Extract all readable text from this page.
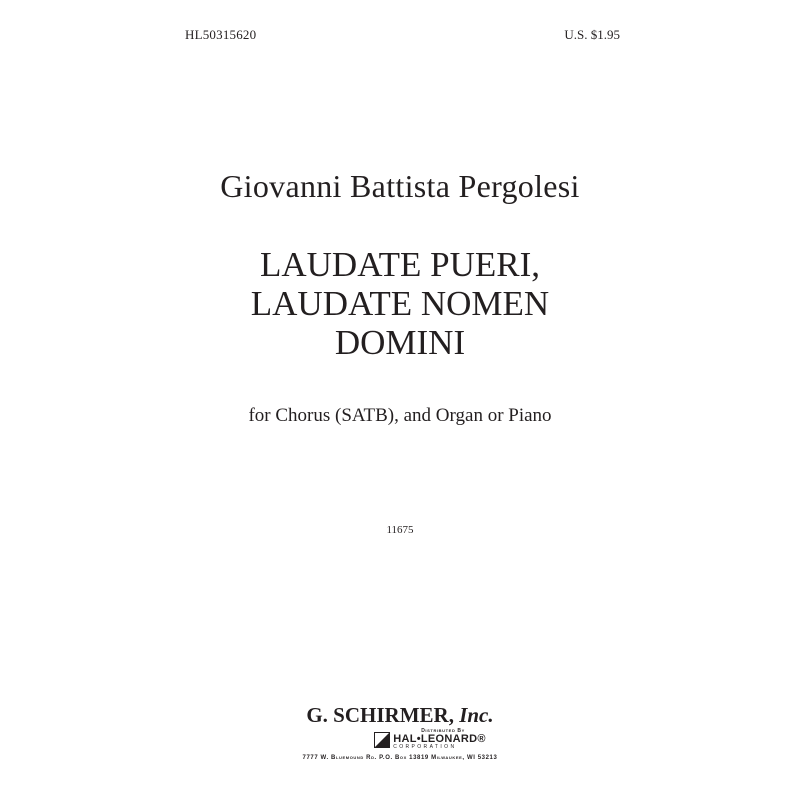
HL50315620	U.S. $1.95
Giovanni Battista Pergolesi
LAUDATE PUERI,
LAUDATE NOMEN
DOMINI
for Chorus (SATB), and Organ or Piano
11675
G. SCHIRMER, Inc.
Distributed By
HAL•LEONARD®
CORPORATION
7777 W. Bluemound Rd. P.O. Box 13819 Milwaukee, WI 53213
